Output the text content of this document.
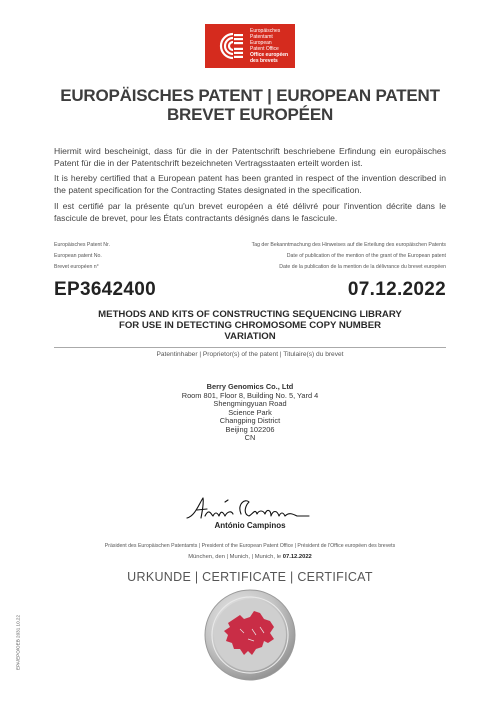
Europäisches
Patentamt
European
Patent Office
Office européen
des brevets
EUROPÄISCHES PATENT | EUROPEAN PATENT
BREVET EUROPÉEN
Hiermit wird bescheinigt, dass für die in der Patentschrift beschriebene Erfindung ein europäisches Patent für die in der Patentschrift bezeichneten Vertragsstaaten erteilt worden ist.
It is hereby certified that a European patent has been granted in respect of the invention described in the patent specification for the Contracting States designated in the specification.
Il est certifié par la présente qu'un brevet européen a été délivré pour l'invention décrite dans le fascicule de brevet, pour les États contractants désignés dans le fascicule.
Europäisches Patent Nr.
European patent No.
Brevet européen n°
Tag der Bekanntmachung des Hinweises auf die Erteilung des europäischen Patents
Date of publication of the mention of the grant of the European patent
Date de la publication de la mention de la délivrance du brevet européen
EP3642400	07.12.2022
METHODS AND KITS OF CONSTRUCTING SEQUENCING LIBRARY
FOR USE IN DETECTING CHROMOSOME COPY NUMBER
VARIATION
Patentinhaber | Proprietor(s) of the patent | Titulaire(s) du brevet
Berry Genomics Co., Ltd
Room 801, Floor 8, Building No. 5, Yard 4
Shengmingyuan Road
Science Park
Changping District
Beijing 102206
CN
António Campinos
Präsident des Europäischen Patentamts | President of the European Patent Office | Président de l'Office européen des brevets
München, den | Munich, | Munich, le 07.12.2022
URKUNDE | CERTIFICATE | CERTIFICAT
EPA/EPO/OEB 2031 10.22
